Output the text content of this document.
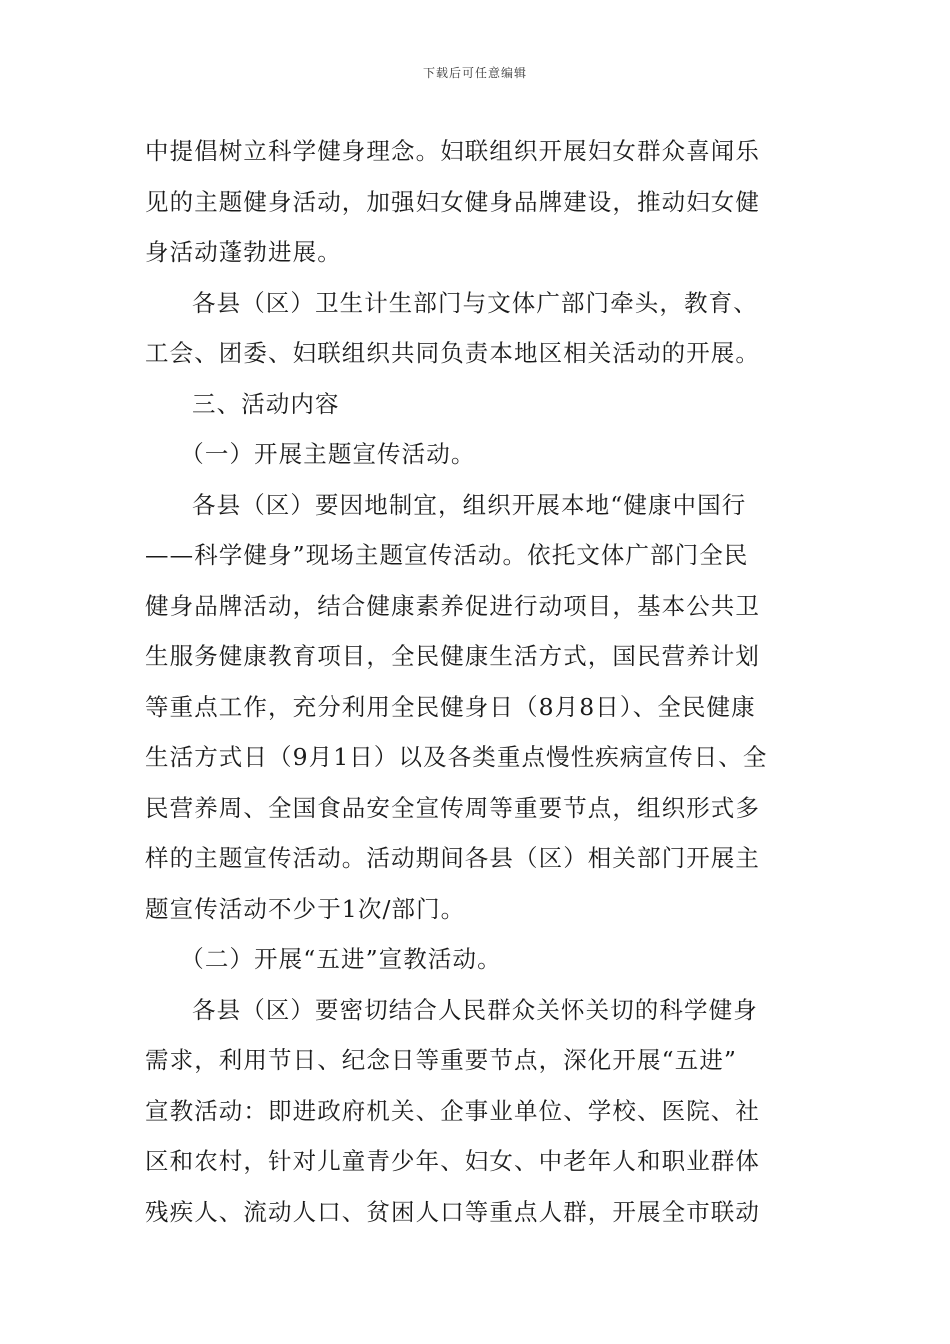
下载后可任意编辑

中提倡树立科学健身理念。妇联组织开展妇女群众喜闻乐
见的主题健身活动，加强妇女健身品牌建设，推动妇女健
身活动蓬勃进展。

各县（区）卫生计生部门与文体广部门牵头，教育、
工会、团委、妇联组织共同负责本地区相关活动的开展。

三、活动内容

（一）开展主题宣传活动。

各县（区）要因地制宜，组织开展本地“健康中国行
——科学健身”现场主题宣传活动。依托文体广部门全民
健身品牌活动，结合健康素养促进行动项目，基本公共卫
生服务健康教育项目，全民健康生活方式，国民营养计划
等重点工作，充分利用全民健身日（8月8日）、全民健康
生活方式日（9月1日）以及各类重点慢性疾病宣传日、全
民营养周、全国食品安全宣传周等重要节点，组织形式多
样的主题宣传活动。活动期间各县（区）相关部门开展主
题宣传活动不少于1次/部门。

（二）开展“五进”宣教活动。

各县（区）要密切结合人民群众关怀关切的科学健身
需求，利用节日、纪念日等重要节点，深化开展“五进”
宣教活动：即进政府机关、企事业单位、学校、医院、社
区和农村，针对儿童青少年、妇女、中老年人和职业群体
残疾人、流动人口、贫困人口等重点人群，开展全市联动
